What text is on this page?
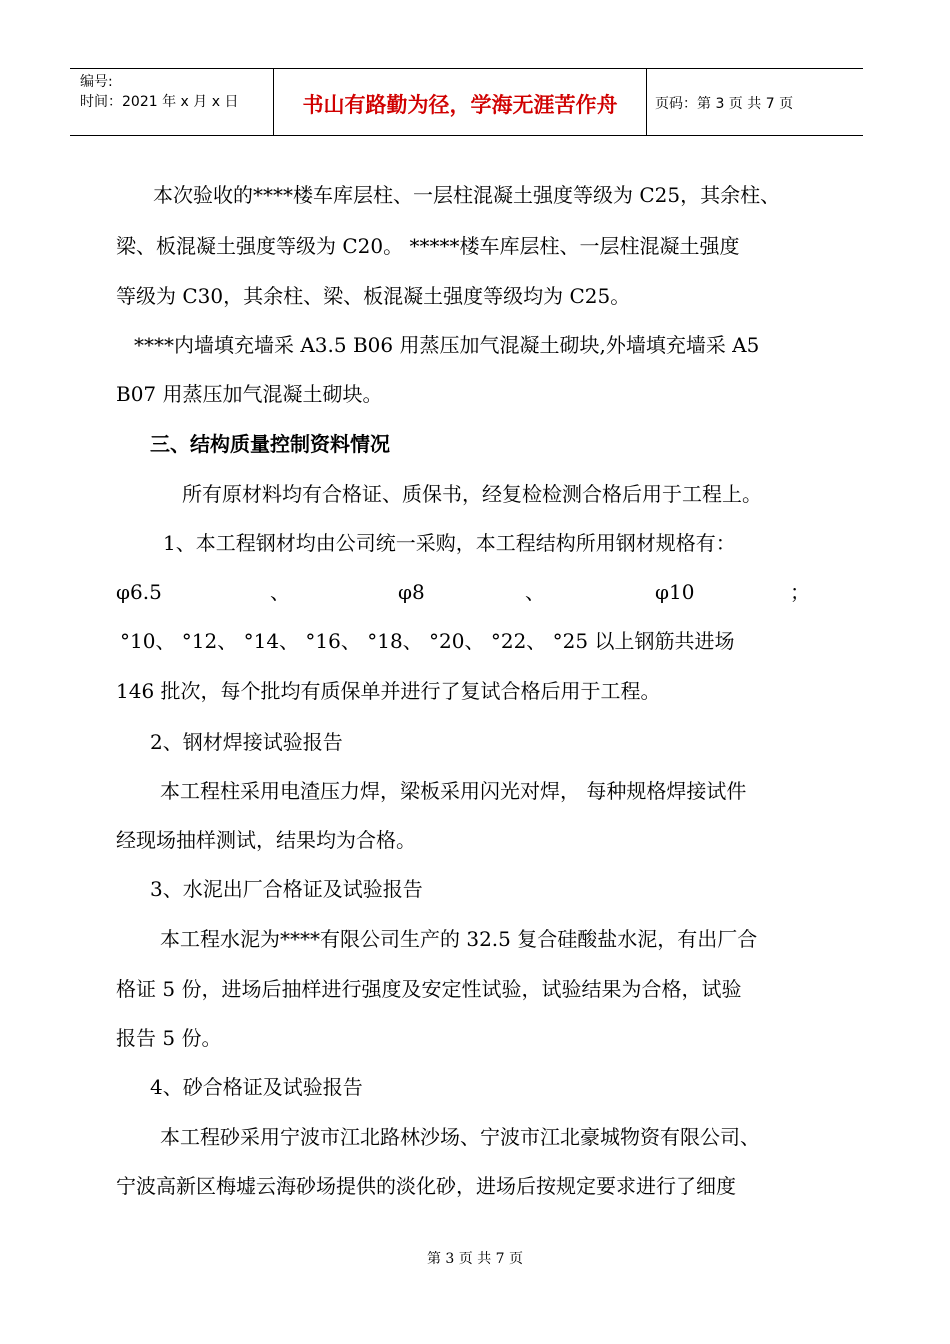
编号:
时间：2021 年 x 月 x 日	书山有路勤为径，学海无涯苦作舟	页码：第 3 页 共 7 页
本次验收的****楼车库层柱、一层柱混凝土强度等级为 C25，其余柱、
梁、板混凝土强度等级为 C20。 *****楼车库层柱、一层柱混凝土强度
等级为 C30，其余柱、梁、板混凝土强度等级均为 C25。
****内墙填充墙采 A3.5 B06 用蒸压加气混凝土砌块,外墙填充墙采 A5
B07 用蒸压加气混凝土砌块。
三、结构质量控制资料情况
所有原材料均有合格证、质保书，经复检检测合格后用于工程上。
1、本工程钢材均由公司统一采购，本工程结构所用钢材规格有：
φ6.5	、	φ8	、	φ10	；
°10、 °12、 °14、 °16、 °18、 °20、 °22、 °25 以上钢筋共进场
146 批次，每个批均有质保单并进行了复试合格后用于工程。
2、钢材焊接试验报告
本工程柱采用电渣压力焊，梁板采用闪光对焊， 每种规格焊接试件
经现场抽样测试，结果均为合格。
3、水泥出厂合格证及试验报告
本工程水泥为****有限公司生产的 32.5 复合硅酸盐水泥，有出厂合
格证 5 份，进场后抽样进行强度及安定性试验，试验结果为合格，试验
报告 5 份。
4、砂合格证及试验报告
本工程砂采用宁波市江北路林沙场、宁波市江北豪城物资有限公司、
宁波高新区梅墟云海砂场提供的淡化砂，进场后按规定要求进行了细度
第 3 页 共 7 页
